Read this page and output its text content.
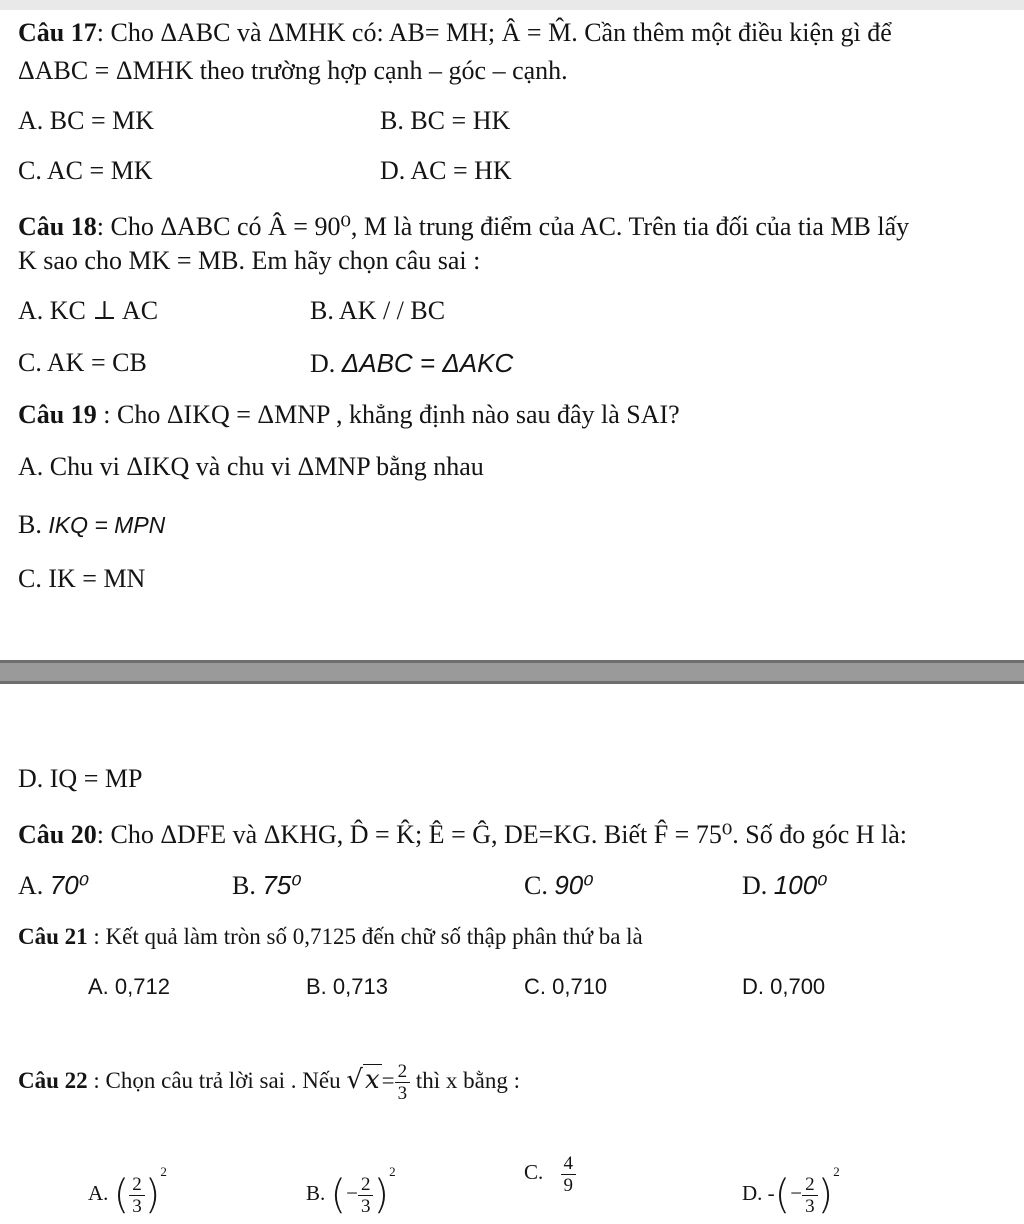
Câu 17: Cho ΔABC và ΔMHK có: AB= MH; Â = M̂. Cần thêm một điều kiện gì để
ΔABC = ΔMHK theo trường hợp cạnh – góc – cạnh.
A. BC = MK	B. BC = HK
C. AC = MK	D. AC = HK
Câu 18: Cho ΔABC có Â = 90⁰, M là trung điểm của AC. Trên tia đối của tia MB lấy
K sao cho MK = MB. Em hãy chọn câu sai :
A. KC ⊥ AC	B. AK / / BC
C. AK = CB	D. ΔABC = ΔAKC
Câu 19 : Cho ΔIKQ = ΔMNP , khẳng định nào sau đây là SAI?
A. Chu vi ΔIKQ và chu vi ΔMNP bằng nhau
B. IKQ = MPN
C. IK = MN
D. IQ = MP
Câu 20: Cho ΔDFE và ΔKHG, D̂ = K̂; Ê = Ĝ, DE=KG. Biết F̂ = 75⁰. Số đo góc H là:
A. 70⁰	B. 75⁰	C. 90⁰	D. 100⁰
Câu 21 : Kết quả làm tròn số 0,7125 đến chữ số thập phân thứ ba là
A. 0,712	B. 0,713	C. 0,710	D. 0,700
Câu 22 : Chọn câu trả lời sai . Nếu $√x= \frac{2}{3}$ thì x bằng :
A. ( $\frac{2}{3} )^2$
B. (− $\frac{2}{3} )^2$	C. $\frac{4}{9}$	D. -(− $\frac{2}{3} )^2$
